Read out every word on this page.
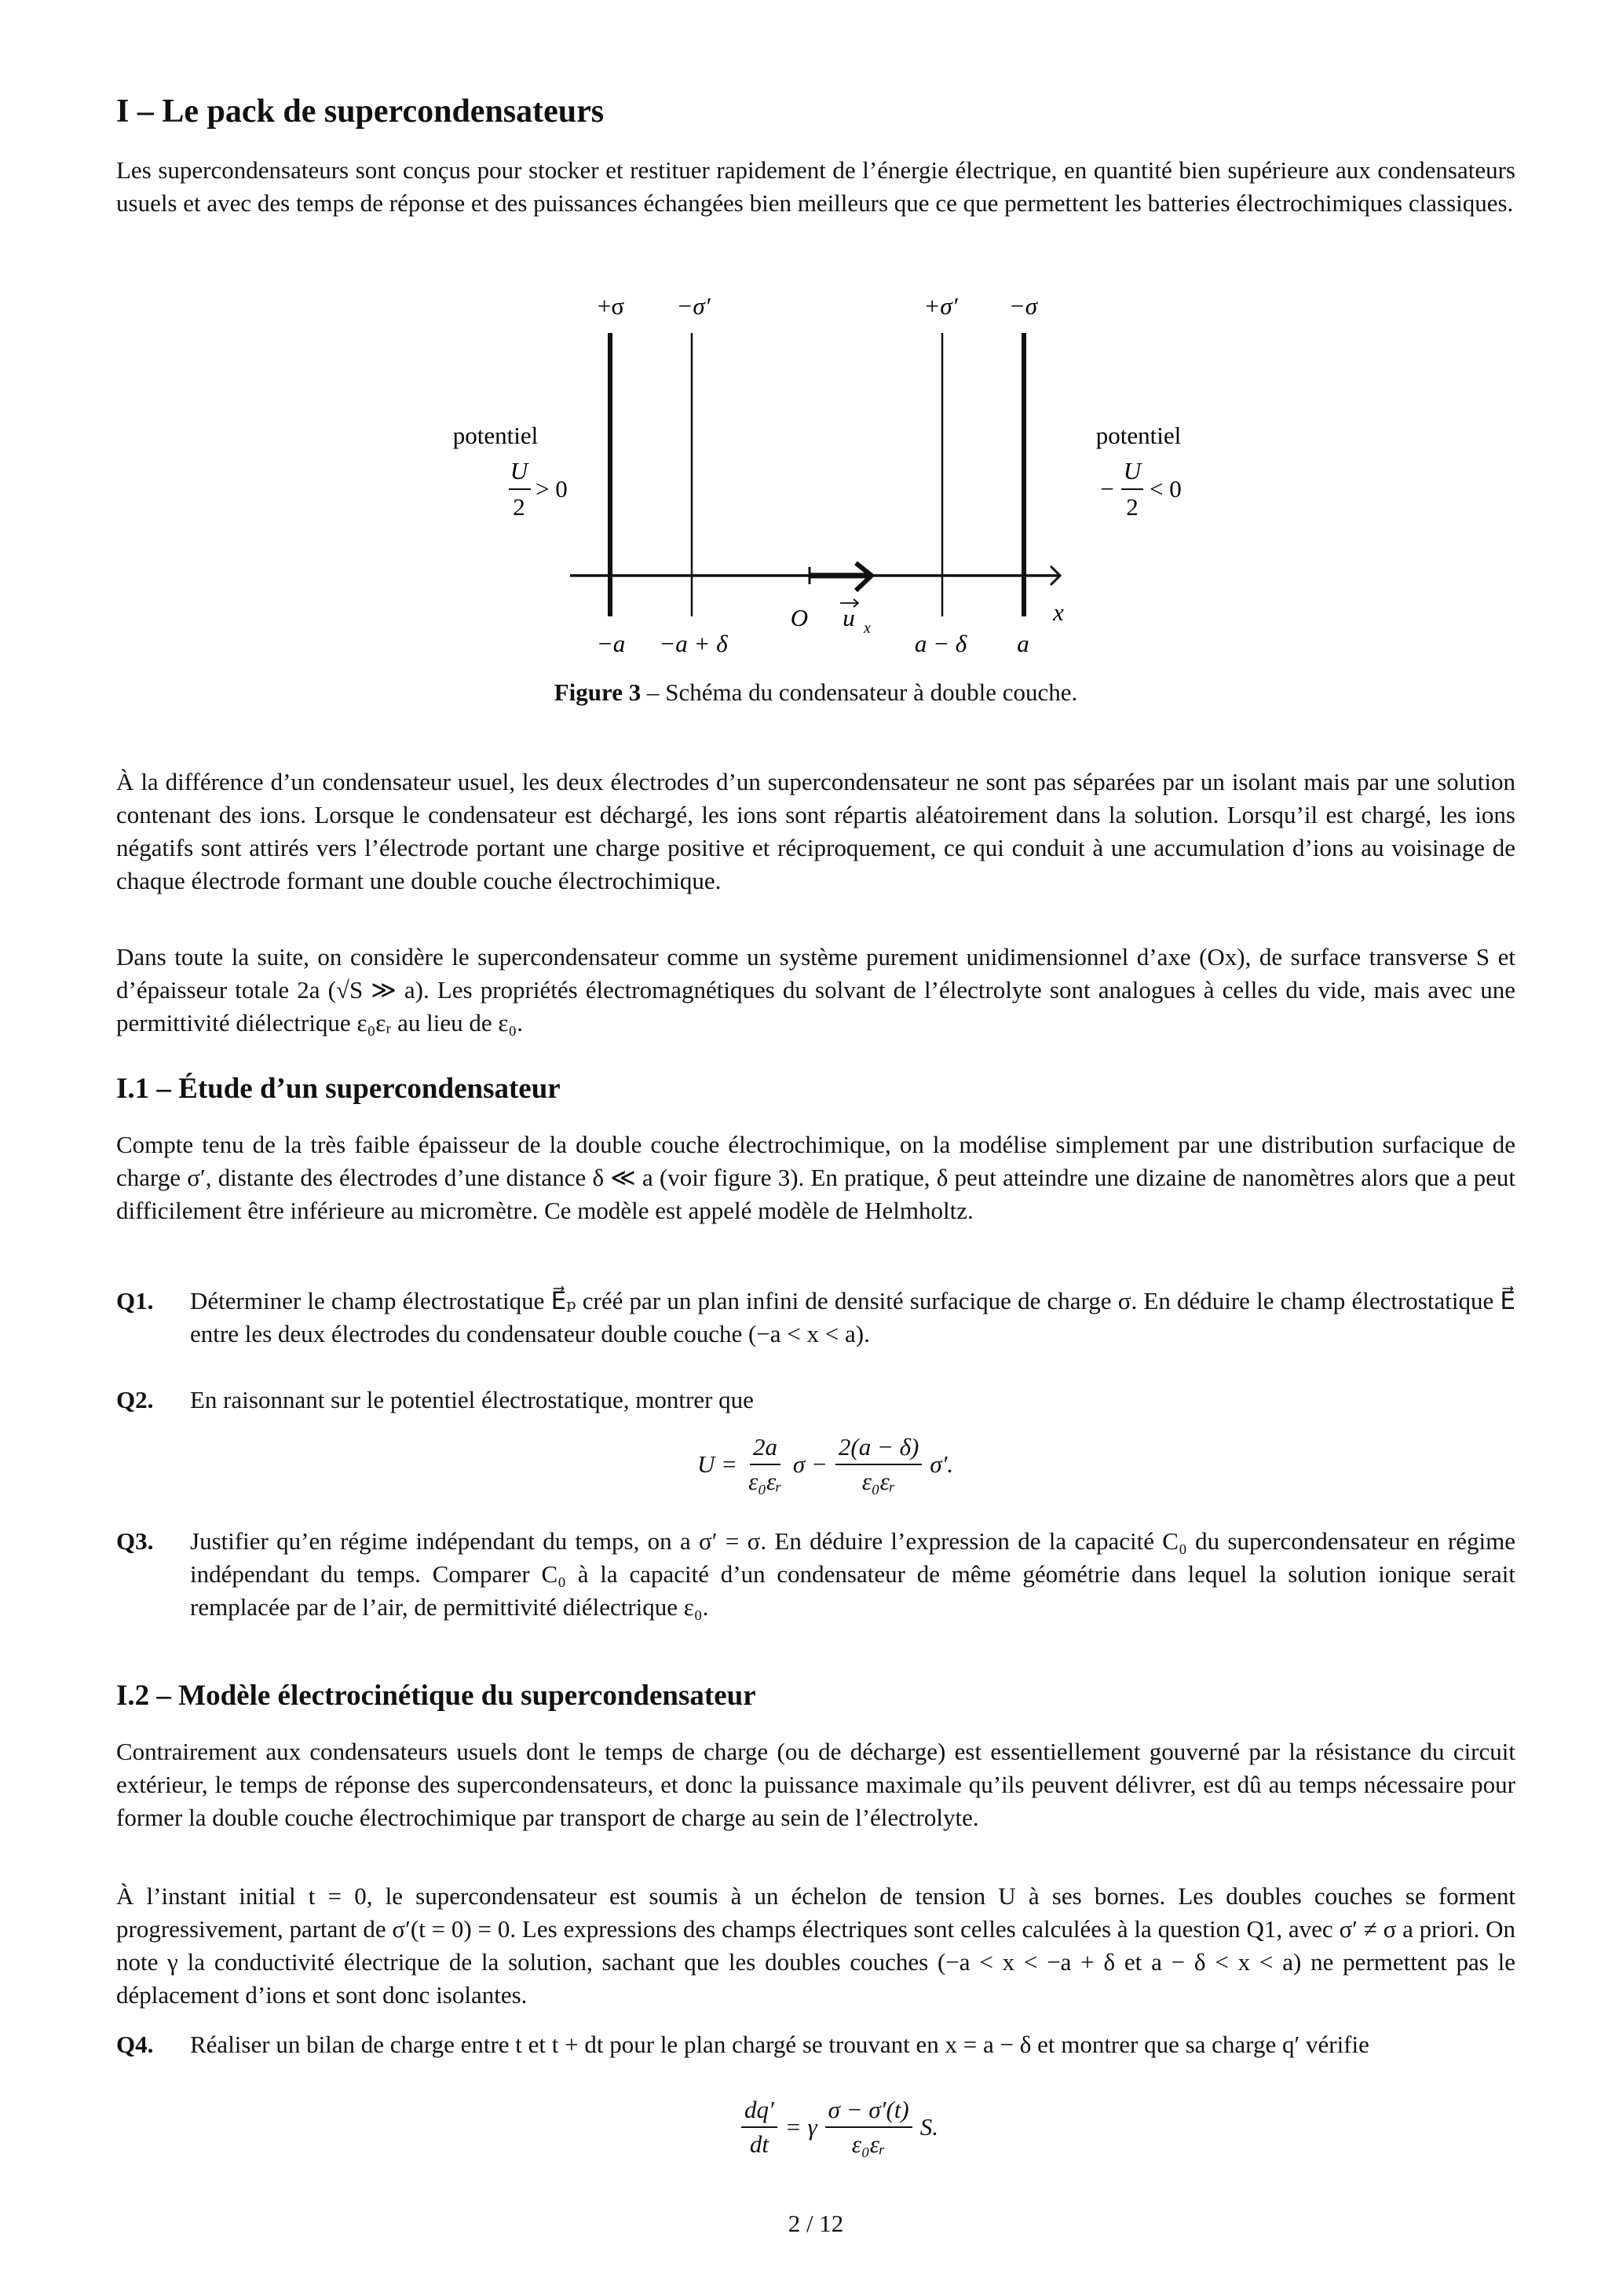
I – Le pack de supercondensateurs

Les supercondensateurs sont conçus pour stocker et restituer rapidement de l’énergie électrique, en quantité bien supérieure aux condensateurs usuels et avec des temps de réponse et des puissances échangées bien meilleurs que ce que permettent les batteries électrochimiques classiques.

+σ −σ′	+σ′ −σ
potentiel
U
2
> 0
potentiel
−
U
2
< 0
−a −a + δ
O u x
a − δ a
x
Figure 3 – Schéma du condensateur à double couche.

À la différence d’un condensateur usuel, les deux électrodes d’un supercondensateur ne sont pas séparées par un isolant mais par une solution contenant des ions. Lorsque le condensateur est déchargé, les ions sont répartis aléatoirement dans la solution. Lorsqu’il est chargé, les ions négatifs sont attirés vers l’électrode portant une charge positive et réciproquement, ce qui conduit à une accumulation d’ions au voisinage de chaque électrode formant une double couche électrochimique.

Dans toute la suite, on considère le supercondensateur comme un système purement unidimensionnel d’axe (Ox), de surface transverse S et d’épaisseur totale 2a (√S ≫ a). Les propriétés électromagnétiques du solvant de l’électrolyte sont analogues à celles du vide, mais avec une permittivité diélectrique ε₀εᵣ au lieu de ε₀.

I.1 – Étude d’un supercondensateur

Compte tenu de la très faible épaisseur de la double couche électrochimique, on la modélise simplement par une distribution surfacique de charge σ′, distante des électrodes d’une distance δ ≪ a (voir figure 3). En pratique, δ peut atteindre une dizaine de nanomètres alors que a peut difficilement être inférieure au micromètre. Ce modèle est appelé modèle de Helmholtz.

Q1. Déterminer le champ électrostatique E⃗ₚ créé par un plan infini de densité surfacique de charge σ. En déduire le champ électrostatique E⃗ entre les deux électrodes du condensateur double couche (−a < x < a).
Q2. En raisonnant sur le potentiel électrostatique, montrer que
$U = \frac{2a}{\text{ε₀εᵣ}}$ $\sigma - \frac{2(a - \delta)}{\text{ε₀εᵣ}} \sigma'$.
Q3. Justifier qu’en régime indépendant du temps, on a σ′ = σ. En déduire l’expression de la capacité C₀ du supercondensateur en régime indépendant du temps. Comparer C₀ à la capacité d’un condensateur de même géométrie dans lequel la solution ionique serait remplacée par de l’air, de permittivité diélectrique ε₀.
I.2 – Modèle électrocinétique du supercondensateur

Contrairement aux condensateurs usuels dont le temps de charge (ou de décharge) est essentiellement gouverné par la résistance du circuit extérieur, le temps de réponse des supercondensateurs, et donc la puissance maximale qu’ils peuvent délivrer, est dû au temps nécessaire pour former la double couche électrochimique par transport de charge au sein de l’électrolyte.

À l’instant initial t = 0, le supercondensateur est soumis à un échelon de tension U à ses bornes. Les doubles couches se forment progressivement, partant de σ′(t = 0) = 0. Les expressions des champs électriques sont celles calculées à la question Q1, avec σ′ ≠ σ a priori. On note γ la conductivité électrique de la solution, sachant que les doubles couches (−a < x < −a + δ et a − δ < x < a) ne permettent pas le déplacement d’ions et sont donc isolantes.

Q4. Réaliser un bilan de charge entre t et t + dt pour le plan chargé se trouvant en x = a − δ et montrer que sa charge q′ vérifie
$\frac{dq'}{dt} = \gamma \frac{\sigma - \sigma'(t)}{\text{ε₀εᵣ}} S$.
2 / 12
